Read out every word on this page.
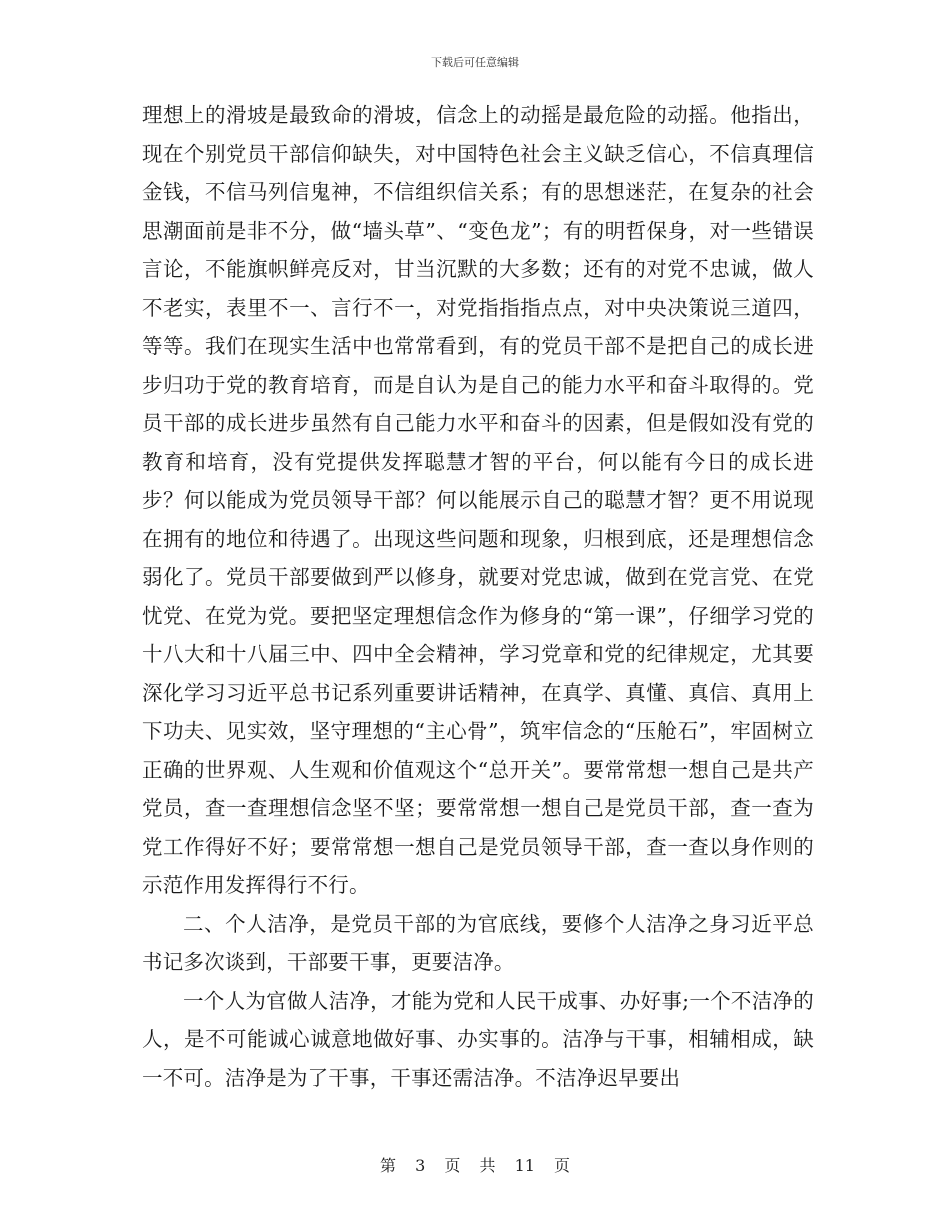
下载后可任意编辑

理想上的滑坡是最致命的滑坡，信念上的动摇是最危险的动摇。他指出，现在个别党员干部信仰缺失，对中国特色社会主义缺乏信心，不信真理信金钱，不信马列信鬼神，不信组织信关系；有的思想迷茫，在复杂的社会思潮面前是非不分，做“墙头草”、“变色龙”；有的明哲保身，对一些错误言论，不能旗帜鲜亮反对，甘当沉默的大多数；还有的对党不忠诚，做人不老实，表里不一、言行不一，对党指指指点点，对中央决策说三道四，等等。我们在现实生活中也常常看到，有的党员干部不是把自己的成长进步归功于党的教育培育，而是自认为是自己的能力水平和奋斗取得的。党员干部的成长进步虽然有自己能力水平和奋斗的因素，但是假如没有党的教育和培育，没有党提供发挥聪慧才智的平台，何以能有今日的成长进步？何以能成为党员领导干部？何以能展示自己的聪慧才智？更不用说现在拥有的地位和待遇了。出现这些问题和现象，归根到底，还是理想信念弱化了。党员干部要做到严以修身，就要对党忠诚，做到在党言党、在党忧党、在党为党。要把坚定理想信念作为修身的“第一课”，仔细学习党的十八大和十八届三中、四中全会精神，学习党章和党的纪律规定，尤其要深化学习习近平总书记系列重要讲话精神，在真学、真懂、真信、真用上下功夫、见实效，坚守理想的“主心骨”，筑牢信念的“压舱石”，牢固树立正确的世界观、人生观和价值观这个“总开关”。要常常想一想自己是共产党员，查一查理想信念坚不坚；要常常想一想自己是党员干部，查一查为党工作得好不好；要常常想一想自己是党员领导干部，查一查以身作则的示范作用发挥得行不行。

二、个人洁净，是党员干部的为官底线，要修个人洁净之身习近平总书记多次谈到，干部要干事，更要洁净。

一个人为官做人洁净，才能为党和人民干成事、办好事;一个不洁净的人，是不可能诚心诚意地做好事、办实事的。洁净与干事，相辅相成，缺一不可。洁净是为了干事，干事还需洁净。不洁净迟早要出

第 3 页 共 11 页
